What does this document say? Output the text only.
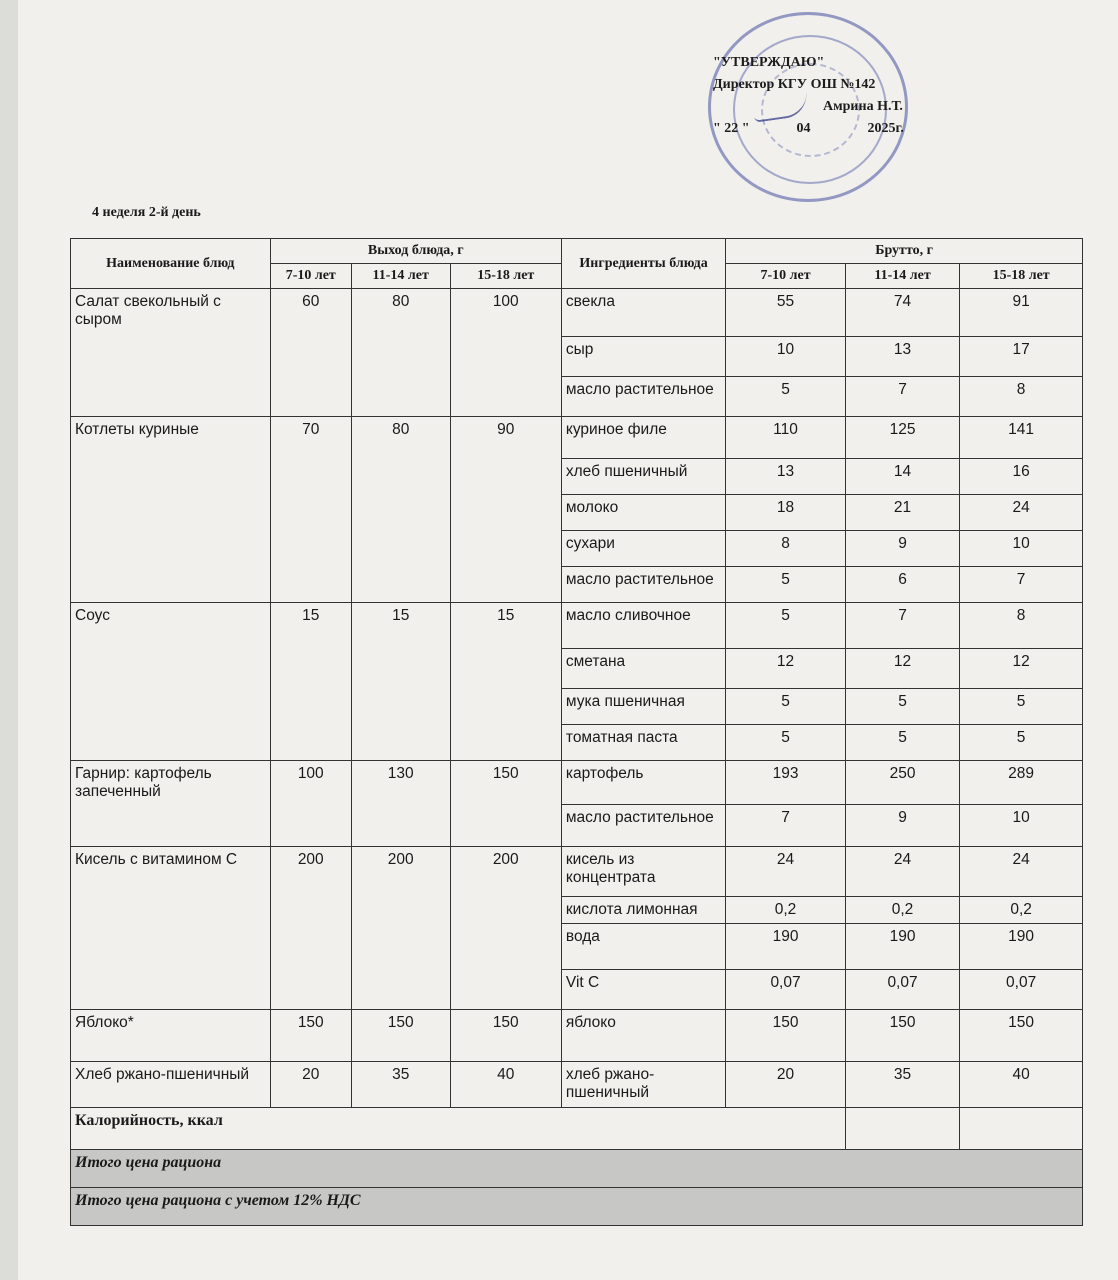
"УТВЕРЖДАЮ"
Директор КГУ ОШ №142
Амрина Н.Т.
" 22 "	04	2025г.
4 неделя 2-й день
Наименование блюд	Выход блюда, г			Ингредиенты блюда	Брутто, г		
	7-10 лет	11-14 лет	15-18 лет		7-10 лет	11-14 лет	15-18 лет
Салат свекольный с сыром	60	80	100	свекла	55	74	91
				сыр	10	13	17
				масло растительное	5	7	8
Котлеты куриные	70	80	90	куриное филе	110	125	141
				хлеб пшеничный	13	14	16
				молоко	18	21	24
				сухари	8	9	10
				масло растительное	5	6	7
Соус	15	15	15	масло сливочное	5	7	8
				сметана	12	12	12
				мука пшеничная	5	5	5
				томатная паста	5	5	5
Гарнир: картофель запеченный	100	130	150	картофель	193	250	289
				масло растительное	7	9	10
Кисель с витамином С	200	200	200	кисель из концентрата	24	24	24
				кислота лимонная	0,2	0,2	0,2
				вода	190	190	190
				Vit C	0,07	0,07	0,07
Яблоко*	150	150	150	яблоко	150	150	150
Хлеб ржано-пшеничный	20	35	40	хлеб ржано-пшеничный	20	35	40
Калорийность, ккал							
Итого цена рациона							
Итого цена рациона с учетом 12% НДС							
